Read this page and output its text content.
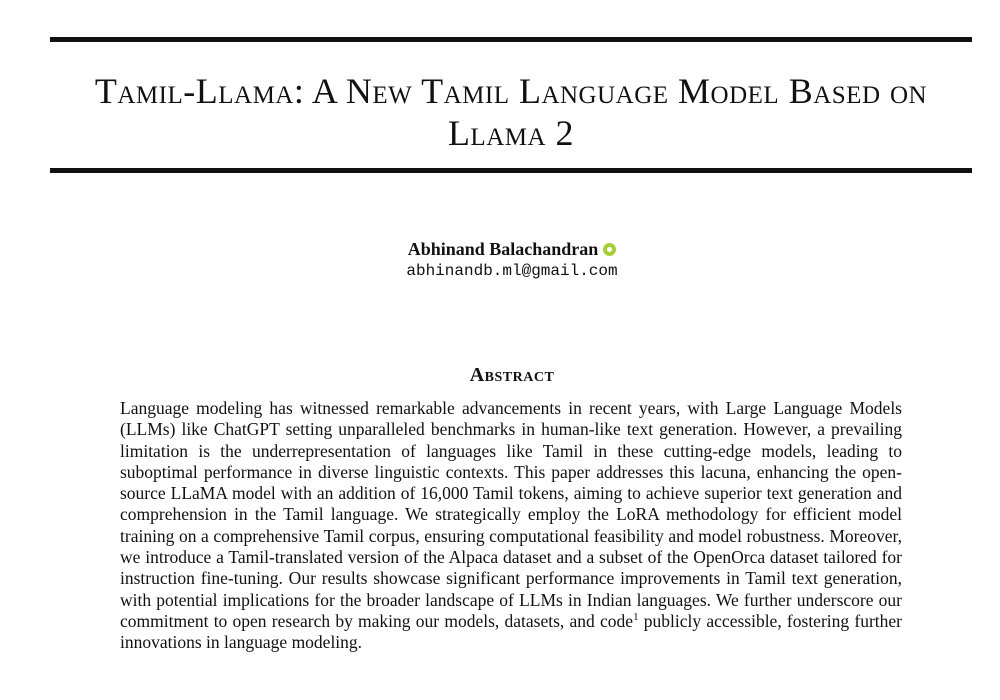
Tamil-Llama: A New Tamil Language Model Based on Llama 2
Abhinand Balachandran
abhinandb.ml@gmail.com
Abstract

Language modeling has witnessed remarkable advancements in recent years, with Large Language Models (LLMs) like ChatGPT setting unparalleled benchmarks in human-like text generation. However, a prevailing limitation is the underrepresentation of languages like Tamil in these cutting-edge models, leading to suboptimal performance in diverse linguistic contexts. This paper addresses this lacuna, enhancing the open-source LLaMA model with an addition of 16,000 Tamil tokens, aiming to achieve superior text generation and comprehension in the Tamil language. We strategically employ the LoRA methodology for efficient model training on a comprehensive Tamil corpus, ensuring computational feasibility and model robustness. Moreover, we introduce a Tamil-translated version of the Alpaca dataset and a subset of the OpenOrca dataset tailored for instruction fine-tuning. Our results showcase significant performance improvements in Tamil text generation, with potential implications for the broader landscape of LLMs in Indian languages. We further underscore our commitment to open research by making our models, datasets, and code$^1$ publicly accessible, fostering further innovations in language modeling.
